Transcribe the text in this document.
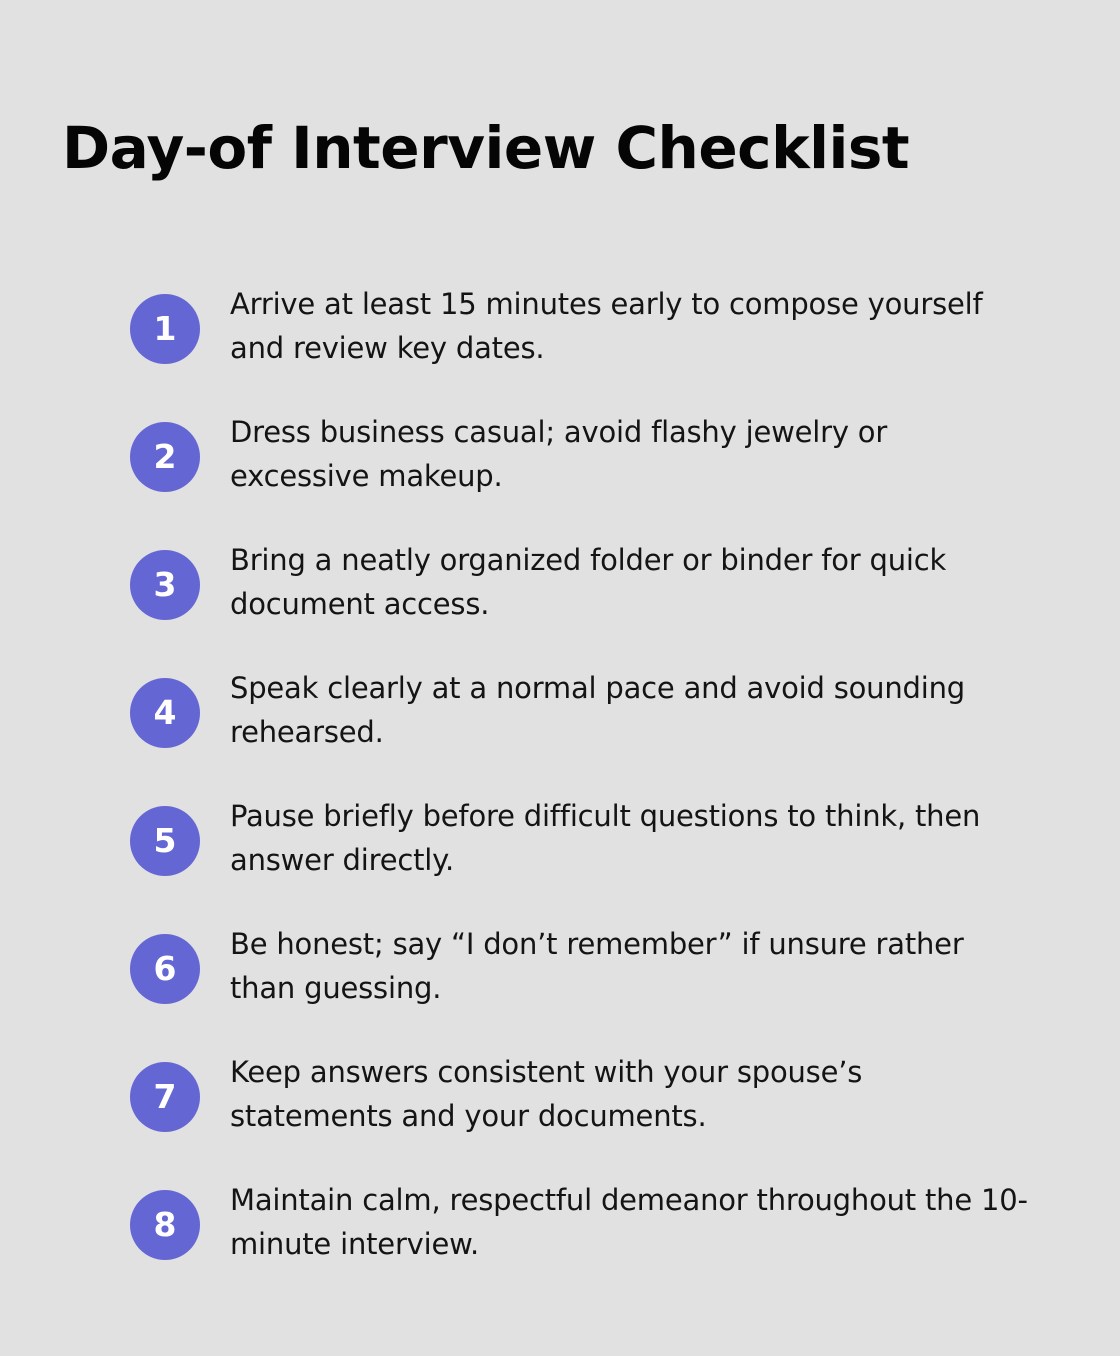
Day-of Interview Checklist
1
Arrive at least 15 minutes early to compose yourself and review key dates.
2
Dress business casual; avoid flashy jewelry or excessive makeup.
3
Bring a neatly organized folder or binder for quick document access.
4
Speak clearly at a normal pace and avoid sounding rehearsed.
5
Pause briefly before difficult questions to think, then answer directly.
6
Be honest; say “I don’t remember” if unsure rather than guessing.
7
Keep answers consistent with your spouse’s statements and your documents.
8
Maintain calm, respectful demeanor throughout the 10-minute interview.
